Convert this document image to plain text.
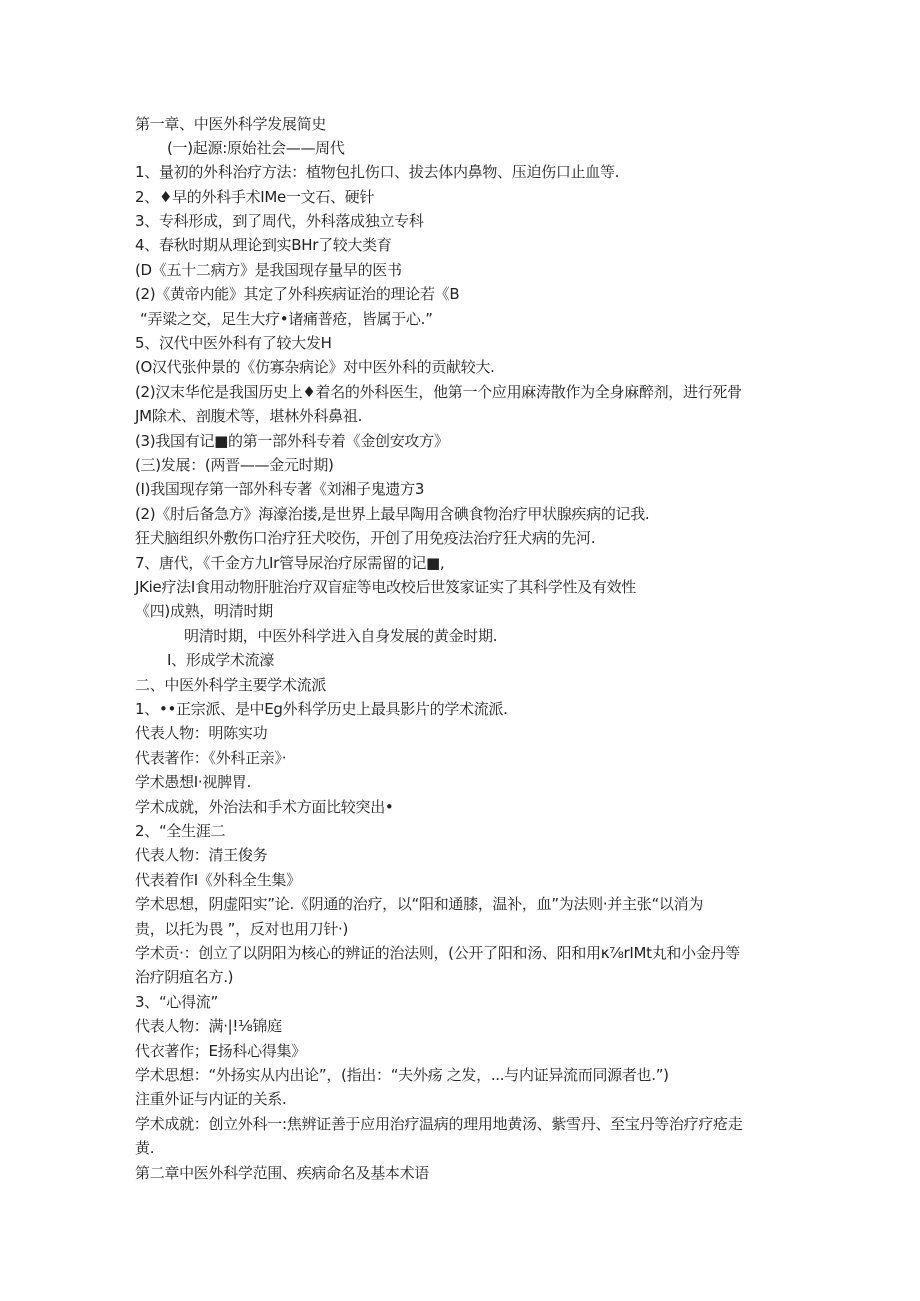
第一章、中医外科学发展简史
(一)起源:原始社会——周代
1、量初的外科治疗方法：植物包扎伤口、拔去体内鼻物、压迫伤口止血等.
2、♦早的外科手术IMe一文石、硬针
3、专科形成，到了周代，外科落成独立专科
4、春秋时期从理论到实BHr了较大类育
(D《五十二病方》是我国现存量早的医书
(2)《黄帝内能》其定了外科疾病证治的理论若《B
“弄粱之交，足生大疗•诸痛普疮，皆属于心.”
5、汉代中医外科有了较大发H
(O汉代张仲景的《仿寡杂病论》对中医外科的贡献较大.
(2)汉末华佗是我国历史上♦着名的外科医生，他第一个应用麻涛散作为全身麻醉剂，进行死骨
JM除术、剖腹术等，堪林外科鼻祖.
(3)我国有记■的第一部外科专着《金创安攻方》
(三)发展：(两晋——金元时期)
(I)我国现存第一部外科专著《刘湘子鬼遗方3
(2)《肘后备急方》海濠治搂,是世界上最早陶用含碘食物治疗甲状腺疾病的记我.
狂犬脑组织外敷伤口治疗狂犬咬伤，开创了用免疫法治疗狂犬病的先河.
7、唐代，《千金方九Ir管导尿治疗尿需留的记■,
JKie疗法I食用动物肝脏治疗双盲症等电改校后世笈家证实了其科学性及有效性
《四)成熟，明清时期
明清时期，中医外科学进入自身发展的黄金时期.
I、形成学术流濠
二、中医外科学主要学术流派
1、••正宗派、是中Eg外科学历史上最具影片的学术流派.
代表人物：明陈实功
代表著作：《外科正亲》·
学术愚想I·视脾胃.
学术成就，外治法和手术方面比较突出•
2、“全生涯二
代表人物：清王俊务
代表着作I《外科全生集》
学术思想，阴虚阳实”论.《阴通的治疗，以“阳和通膝，温补，血”为法则·并主张“以消为
贵，以托为畏 ”，反对也用刀针·)
学术贡·：创立了以阴阳为核心的辨证的治法则，(公开了阳和汤、阳和用κ⅞rIMt丸和小金丹等
治疗阴疽名方.)
3、“心得流”
代表人物：满·|!⅛锦庭
代衣著作；E扬科心得集》
学术思想：“外扬实从内出论”，(指出：“夫外疡 之发，...与内证异流而同源者也.”)
注重外证与内证的关系.
学术成就：创立外科一:焦辨证善于应用治疗温病的理用地黄汤、紫雪丹、至宝丹等治疗疗疮走
黄.
第二章中医外科学范围、疾病命名及基本术语
